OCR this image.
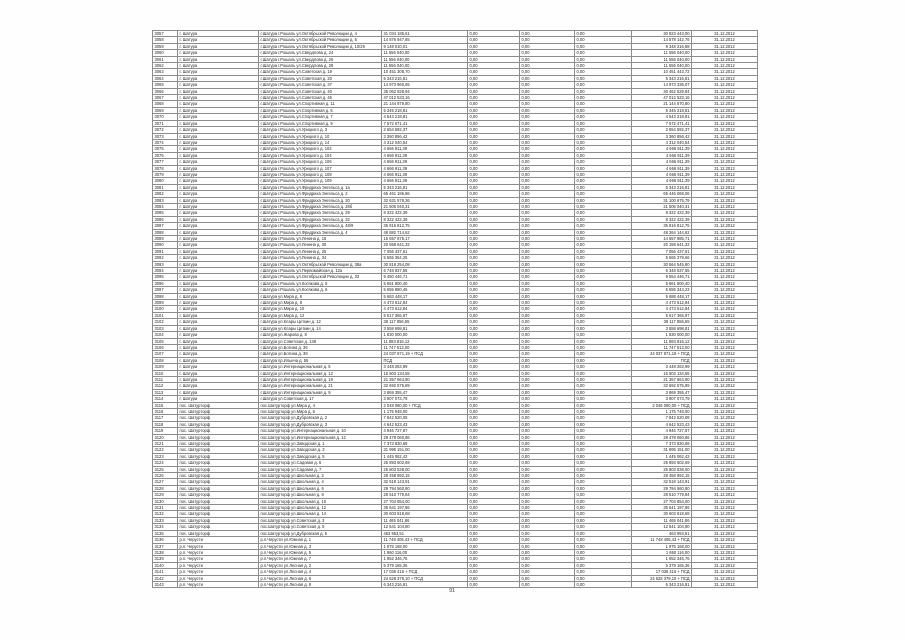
3057	г. Шатура	г.Шатура г.Рошаль ул.Октябрьской Революции д. 4	31 034 185,61	0,00	0,00	0,00	30 823 443,00	31.12.2012
3058	г. Шатура	г.Шатура г.Рошаль ул.Октябрьской Революции д. 5	14 876 947,65	0,00	0,00	0,00	14 578 142,76	31.12.2012
3059	г. Шатура	г.Шатура г.Рошаль ул.Октябрьской Революции д. 10/29	9 148 010,01	0,00	0,00	0,00	9 348 216,88	31.12.2012
3060	г. Шатура	г.Шатура г.Рошаль ул.Свердлова д. 24	11 556 040,00	0,00	0,00	0,00	11 556 040,00	31.12.2012
3061	г. Шатура	г.Шатура г.Рошаль ул.Свердлова д. 26	11 556 040,00	0,00	0,00	0,00	11 556 040,00	31.12.2012
3062	г. Шатура	г.Шатура г.Рошаль ул.Свердлова д. 28	11 556 040,00	0,00	0,00	0,00	11 556 040,00	31.12.2012
3063	г. Шатура	г.Шатура г.Рошаль ул.Советская д. 19	10 451 308,70	0,00	0,00	0,00	10 451 443,72	31.12.2012
3064	г. Шатура	г.Шатура г.Рошаль ул.Советская д. 20	5 343 216,81	0,00	0,00	0,00	5 343 216,81	31.12.2012
3065	г. Шатура	г.Шатура г.Рошаль ул.Советская д. 37	14 973 960,65	0,00	0,00	0,00	14 973 335,07	31.12.2012
3066	г. Шатура	г.Шатура г.Рошаль ул.Советская д. 40	35 062 928,94	0,00	0,00	0,00	30 462 529,84	31.12.2012
3067	г. Шатура	г.Шатура г.Рошаль ул.Советская д. 45	47 012 533,16	0,00	0,00	0,00	47 012 533,16	31.12.2012
3068	г. Шатура	г.Шатура г.Рошаль ул.Спортивная д. 11	21 144 879,80	0,00	0,00	0,00	21 144 570,80	31.12.2012
3069	г. Шатура	г.Шатура г.Рошаль ул.Спортивная д. 5	5 345 218,81	0,00	0,00	0,00	5 345 218,81	31.12.2012
3070	г. Шатура	г.Шатура г.Рошаль ул.Спортивная д. 7	4 543 218,81	0,00	0,00	0,00	4 543 218,81	31.12.2012
3071	г. Шатура	г.Шатура г.Рошаль ул.Спортивная д. 9	7 572 671,41	0,00	0,00	0,00	7 572 471,41	31.12.2012
3072	г. Шатура	г.Шатура г.Рошаль ул.Урицкого д. 3	2 654 592,37	0,00	0,00	0,00	2 654 592,37	31.12.2012
3073	г. Шатура	г.Шатура г.Рошаль ул.Урицкого д. 10	3 360 856,42	0,00	0,00	0,00	3 360 856,42	31.12.2012
3074	г. Шатура	г.Шатура г.Рошаль ул.Урицкого д. 14	4 312 040,54	0,00	0,00	0,00	4 312 040,54	31.12.2012
3075	г. Шатура	г.Шатура г.Рошаль ул.Урицкого д. 102	4 666 911,39	0,00	0,00	0,00	4 666 911,39	31.12.2012
3076	г. Шатура	г.Шатура г.Рошаль ул.Урицкого д. 104	4 666 911,39	0,00	0,00	0,00	4 666 911,39	31.12.2012
3077	г. Шатура	г.Шатура г.Рошаль ул.Урицкого д. 106	4 666 911,39	0,00	0,00	0,00	4 666 911,39	31.12.2012
3078	г. Шатура	г.Шатура г.Рошаль ул.Урицкого д. 107	4 666 911,39	0,00	0,00	0,00	4 666 911,39	31.12.2012
3079	г. Шатура	г.Шатура г.Рошаль ул.Урицкого д. 108	4 666 911,39	0,00	0,00	0,00	4 666 911,39	31.12.2012
3080	г. Шатура	г.Шатура г.Рошаль ул.Урицкого д. 109	4 666 911,39	0,00	0,00	0,00	4 666 911,39	31.12.2012
3081	г. Шатура	г.Шатура г.Рошаль ул.Фридриха Энгельса д. 1а	5 343 216,81	0,00	0,00	0,00	5 343 216,81	31.12.2012
3082	г. Шатура	г.Шатура г.Рошаль ул.Фридриха Энгельса д. 2	65 461 186,86	0,00	0,00	0,00	65 446 068,06	31.12.2012
3083	г. Шатура	г.Шатура г.Рошаль ул.Фридриха Энгельса д. 20	32 631 578,36	0,00	0,00	0,00	31 100 675,79	31.12.2012
3084	г. Шатура	г.Шатура г.Рошаль ул.Фридриха Энгельса д. 28б	21 506 040,31	0,00	0,00	0,00	21 506 040,31	31.12.2012
3085	г. Шатура	г.Шатура г.Рошаль ул.Фридриха Энгельса д. 29	8 322 422,39	0,00	0,00	0,00	8 322 422,39	31.12.2012
3086	г. Шатура	г.Шатура г.Рошаль ул.Фридриха Энгельса д. 32	8 322 422,39	0,00	0,00	0,00	8 322 422,39	31.12.2012
3087	г. Шатура	г.Шатура г.Рошаль ул.Фридриха Энгельса д. 48/9	35 816 812,75	0,00	0,00	0,00	35 816 812,75	31.12.2012
3088	г. Шатура	г.Шатура г.Рошаль ул.Фридриха Энгельса д. 4	48 882 714,62	0,00	0,00	0,00	48 264 144,62	31.12.2012
3089	г. Шатура	г.Шатура г.Рошаль ул.Ленина д. 15	15 657 875,17	0,00	0,00	0,00	14 657 985,71	31.12.2012
3090	г. Шатура	г.Шатура г.Рошаль ул.Ленина д. 30	20 558 641,32	0,00	0,00	0,00	20 158 641,32	31.12.2012
3091	г. Шатура	г.Шатура г.Рошаль ул.Ленина д. 25	7 056 437,61	0,00	0,00	0,00	7 056 437,61	31.12.2012
3092	г. Шатура	г.Шатура г.Рошаль ул.Ленина д. 34	5 565 364,25	0,00	0,00	0,00	5 565 379,66	31.12.2012
3093	г. Шатура	г.Шатура г.Рошаль ул.Октябрьской Революции д. 38а	30 818 254,08	0,00	0,00	0,00	30 564 545,80	31.12.2012
3094	г. Шатура	г.Шатура г.Рошаль ул.Первомайская д. 12а	6 748 837,55	0,00	0,00	0,00	6 348 537,55	31.12.2012
3095	г. Шатура	г.Шатура г.Рошаль ул.Октябрьской Революции д. 33	9 450 446,71	0,00	0,00	0,00	9 554 446,71	31.12.2012
3096	г. Шатура	г.Шатура г.Рошаль ул.Косякова д. 5	5 661 800,40	0,00	0,00	0,00	5 661 800,40	31.12.2012
3097	г. Шатура	г.Шатура г.Рошаль ул.Косякова д. 6	5 655 880,46	0,00	0,00	0,00	5 655 344,23	31.12.2012
3098	г. Шатура	г.Шатура ул.Мира д. 6	5 683 448,17	0,00	0,00	0,00	5 688 448,17	31.12.2012
3099	г. Шатура	г.Шатура ул.Мира д. 8	4 473 612,84	0,00	0,00	0,00	4 473 612,84	31.12.2012
3100	г. Шатура	г.Шатура ул.Мира д. 10	4 473 612,84	0,00	0,00	0,00	4 473 612,84	31.12.2012
3101	г. Шатура	г.Шатура ул.Мира д. 12	5 617 365,97	0,00	0,00	0,00	5 617 365,97	31.12.2012
3102	г. Шатура	г.Шатура ул.Клары Цеткин д. 12	38 117 856,55	0,00	0,00	0,00	38 117 856,55	31.12.2012
3103	г. Шатура	г.Шатура ул.Клары Цеткин д. 14	3 558 698,81	0,00	0,00	0,00	3 558 698,81	31.12.2012
3104	г. Шатура	г.Шатура ул.Жарова д. 8	1 830 000,00	0,00	0,00	0,00	1 830 000,00	31.12.2012
3105	г. Шатура	г.Шатура ул.Советская д. 138	11 883 816,12	0,00	0,00	0,00	11 883 816,12	31.12.2012
3106	г. Шатура	г.Шатура ул.Ботина д. 36	11 747 513,00	0,00	0,00	0,00	11 747 513,00	31.12.2012
3107	г. Шатура	г.Шатура ул.Ботина д. 38	24 037 871,19 + ПСД	0,00	0,00	0,00	24 037 871,19 + ПСД	31.12.2012
3108	г. Шатура	г.Шатура пр.Ильича д. 55	ПСД	0,00	0,00	0,00	ПСД	31.12.2012
3109	г. Шатура	г.Шатура ул.Интернациональная д. 5	3 448 263,99	0,00	0,00	0,00	3 448 263,99	31.12.2012
3110	г. Шатура	г.Шатура ул.Интернациональная д. 12	15 503 134,55	0,00	0,00	0,00	15 503 134,55	31.12.2012
3111	г. Шатура	г.Шатура ул.Интернациональная д. 19	21 357 664,80	0,00	0,00	0,00	21 357 664,80	31.12.2012
3112	г. Шатура	г.Шатура ул.Интернациональная д. 21	32 692 575,89	0,00	0,00	0,00	32 692 575,89	31.12.2012
3113	г. Шатура	г.Шатура ул.Интернациональная д. 9	3 869 355,47	0,00	0,00	0,00	3 869 355,47	31.12.2012
3114	г. Шатура	г.Шатура ул.Советская д. 17	3 907 073,79	0,00	0,00	0,00	3 907 073,79	31.12.2012
3115	пос. Шатурторф	пос.Шатурторф ул.Мира д. 4	2 048 080,00 + ПСД	0,00	0,00	0,00	2 048 080,00 + ПСД	31.12.2012
3116	пос. Шатурторф	пос.Шатурторф ул.Мира д. 6	1 175 948,00	0,00	0,00	0,00	1 175 748,00	31.12.2012
3117	пос. Шатурторф	пос.Шатурторф ул.Дубровская д. 2	7 842 520,08	0,00	0,00	0,00	7 842 520,08	31.12.2012
3118	пос. Шатурторф	пос.Шатурторф ул.Дубровская д. 3	4 642 523,43	0,00	0,00	0,00	4 642 523,43	31.12.2012
3119	пос. Шатурторф	пос.Шатурторф ул.Интернациональная д. 10	4 946 727,87	0,00	0,00	0,00	4 946 727,87	31.12.2012
3120	пос. Шатурторф	пос.Шатурторф ул.Интернациональная д. 12	28 478 060,86	0,00	0,00	0,00	28 478 060,86	31.12.2012
3121	пос. Шатурторф	пос.Шатурторф ул.Заводская д. 1	7 373 830,68	0,00	0,00	0,00	7 373 830,68	31.12.2012
3122	пос. Шатурторф	пос.Шатурторф ул.Заводская д. 3	31 995 151,00	0,00	0,00	0,00	31 995 151,00	31.12.2012
3123	пос. Шатурторф	пос.Шатурторф ул.Заводская д. 5	1 445 062,42	0,00	0,00	0,00	1 445 062,42	31.12.2012
3124	пос. Шатурторф	пос.Шатурторф ул.Садовая д. 5	25 893 602,69	0,00	0,00	0,00	25 893 602,69	31.12.2012
3125	пос. Шатурторф	пос.Шатурторф ул.Садовая д. 7	25 803 538,00	0,00	0,00	0,00	25 803 538,00	31.12.2012
3126	пос. Шатурторф	пос.Шатурторф ул.Школьная д. 2	28 458 992,15	0,00	0,00	0,00	28 458 992,15	31.12.2012
3127	пос. Шатурторф	пос.Шатурторф ул.Школьная д. 4	32 518 143,91	0,00	0,00	0,00	32 518 143,91	31.12.2012
3128	пос. Шатурторф	пос.Шатурторф ул.Школьная д. 6	29 794 560,80	0,00	0,00	0,00	29 794 560,80	31.12.2012
3129	пос. Шатурторф	пос.Шатурторф ул.Школьная д. 8	28 510 779,84	0,00	0,00	0,00	28 510 779,84	31.12.2012
3130	пос. Шатурторф	пос.Шатурторф ул.Школьная д. 10	27 704 854,00	0,00	0,00	0,00	27 704 854,00	31.12.2012
3131	пос. Шатурторф	пос.Шатурторф ул.Школьная д. 12	35 641 197,86	0,00	0,00	0,00	35 641 197,86	31.12.2012
3132	пос. Шатурторф	пос.Шатурторф ул.Школьная д. 14	30 603 818,68	0,00	0,00	0,00	30 603 818,68	31.12.2012
3133	пос. Шатурторф	пос.Шатурторф ул.Советская д. 3	11 465 041,86	0,00	0,00	0,00	11 465 041,86	31.12.2012
3134	пос. Шатурторф	пос.Шатурторф ул.Советская д. 5	12 541 104,80	0,00	0,00	0,00	12 541 104,80	31.12.2012
3135	пос. Шатурторф	пос.Шатурторф ул.Дубровская д. 5	463 953,51	0,00	0,00	0,00	463 953,51	31.12.2012
3136	р.п. Черусти	р.п.Черусти ул.Южная д. 1	11 748 405,43 + ПСД	0,00	0,00	0,00	11 748 405,43 + ПСД	31.12.2012
3137	р.п. Черусти	р.п.Черусти ул.Южная д. 3	1 975 168,00	0,00	0,00	0,00	1 975 168,00	31.12.2012
3138	р.п. Черусти	р.п.Черусти ул.Южная д. 5	1 860 116,00	0,00	0,00	0,00	1 860 116,00	31.12.2012
3139	р.п. Черусти	р.п.Черусти ул.Южная д. 7	1 952 346,76	0,00	0,00	0,00	1 952 346,76	31.12.2012
3140	р.п. Черусти	р.п.Черусти ул.Лесная д. 2	5 379 165,36	0,00	0,00	0,00	5 379 165,36	31.12.2012
3141	р.п. Черусти	р.п.Черусти ул.Лесная д. 4	17 036 416 + ПСД	0,00	0,00	0,00	17 036 416 + ПСД	31.12.2012
3142	р.п. Черусти	р.п.Черусти ул.Лесная д. 6	24 628 379,10 + ПСД	0,00	0,00	0,00	24 628 379,10 + ПСД	31.12.2012
3143	р.п. Черусти	р.п.Черусти ул.Лесная д. 8	6 343 216,81	0,00	0,00	0,00	6 343 216,81	31.12.2012
91
